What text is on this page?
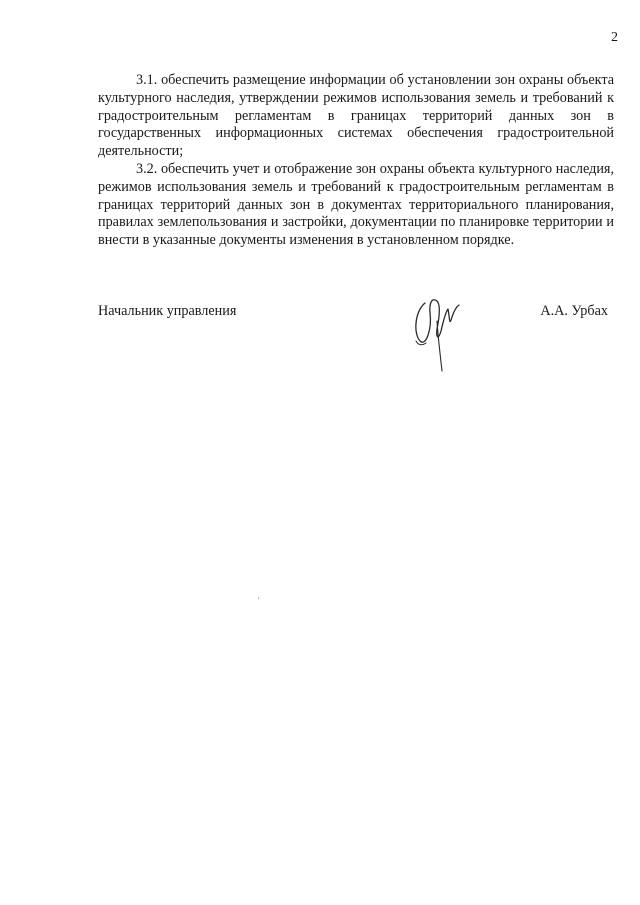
2

3.1. обеспечить размещение информации об установлении зон охраны объекта культурного наследия, утверждении режимов использования земель и требований к градостроительным регламентам в границах территорий данных зон в государственных информационных системах обеспечения градостроительной деятельности;

3.2. обеспечить учет и отображение зон охраны объекта культурного наследия, режимов использования земель и требований к градостроительным регламентам в границах территорий данных зон в документах территориального планирования, правилах землепользования и застройки, документации по планировке территории и внести в указанные документы изменения в установленном порядке.

Начальник управления	А.А. Урбах
